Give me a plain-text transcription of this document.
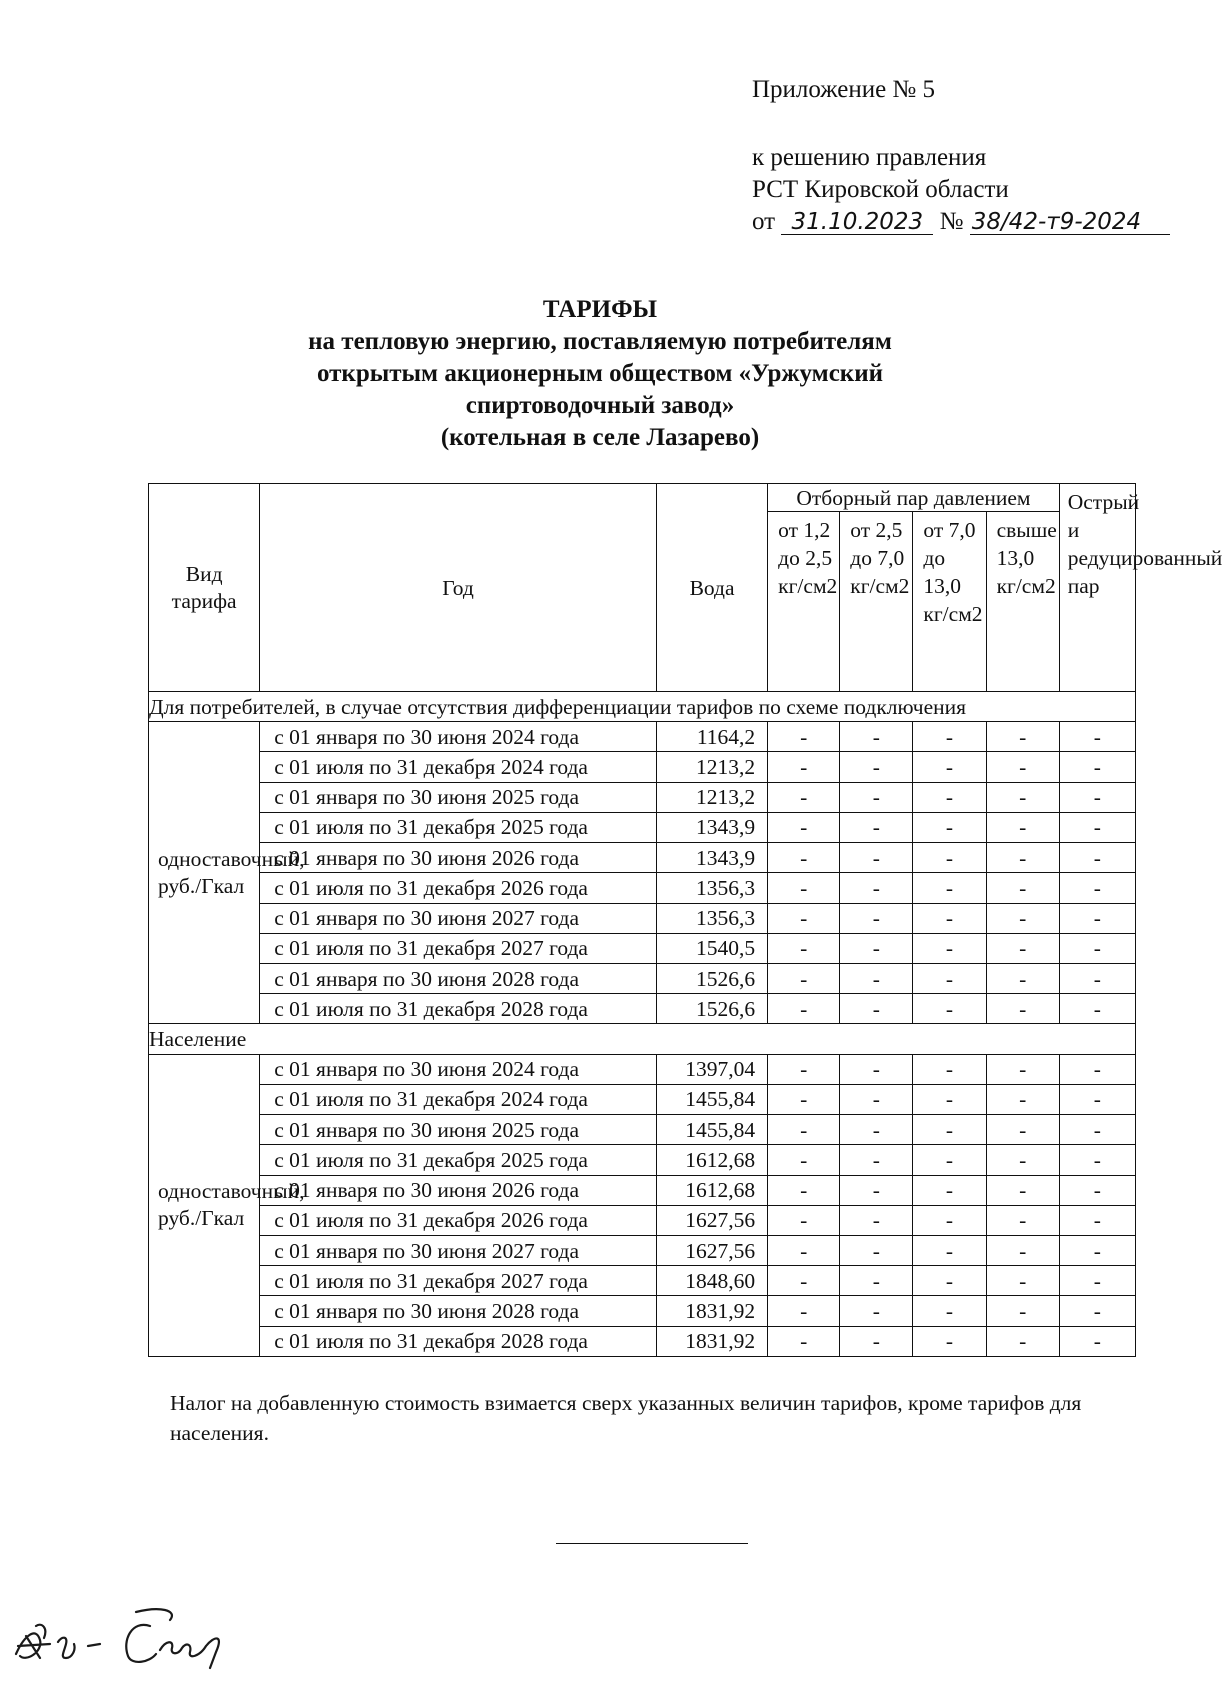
Приложение № 5
к решению правления
РСТ Кировской области
от 31.10.2023 № 38/42-т9-2024
ТАРИФЫ
на тепловую энергию, поставляемую потребителям
открытым акционерным обществом «Уржумский
спиртоводочный завод»
(котельная в селе Лазарево)
Вид тарифа	Год	Вода	Отборный пар давлением				Острый и редуцированный пар
			от 1,2 до 2,5 кг/см2	от 2,5 до 7,0 кг/см2	от 7,0 до 13,0 кг/см2	свыше 13,0 кг/см2	
Для потребителей, в случае отсутствия дифференциации тарифов по схеме подключения							
одноставочный, руб./Гкал	с 01 января по 30 июня 2024 года	1164,2	-	-	-	-	-
	с 01 июля по 31 декабря 2024 года	1213,2	-	-	-	-	-
	с 01 января по 30 июня 2025 года	1213,2	-	-	-	-	-
	с 01 июля по 31 декабря 2025 года	1343,9	-	-	-	-	-
	с 01 января по 30 июня 2026 года	1343,9	-	-	-	-	-
	с 01 июля по 31 декабря 2026 года	1356,3	-	-	-	-	-
	с 01 января по 30 июня 2027 года	1356,3	-	-	-	-	-
	с 01 июля по 31 декабря 2027 года	1540,5	-	-	-	-	-
	с 01 января по 30 июня 2028 года	1526,6	-	-	-	-	-
	с 01 июля по 31 декабря 2028 года	1526,6	-	-	-	-	-
Население							
одноставочный, руб./Гкал	с 01 января по 30 июня 2024 года	1397,04	-	-	-	-	-
	с 01 июля по 31 декабря 2024 года	1455,84	-	-	-	-	-
	с 01 января по 30 июня 2025 года	1455,84	-	-	-	-	-
	с 01 июля по 31 декабря 2025 года	1612,68	-	-	-	-	-
	с 01 января по 30 июня 2026 года	1612,68	-	-	-	-	-
	с 01 июля по 31 декабря 2026 года	1627,56	-	-	-	-	-
	с 01 января по 30 июня 2027 года	1627,56	-	-	-	-	-
	с 01 июля по 31 декабря 2027 года	1848,60	-	-	-	-	-
	с 01 января по 30 июня 2028 года	1831,92	-	-	-	-	-
	с 01 июля по 31 декабря 2028 года	1831,92	-	-	-	-	-
Налог на добавленную стоимость взимается сверх указанных величин тарифов, кроме тарифов для населения.
